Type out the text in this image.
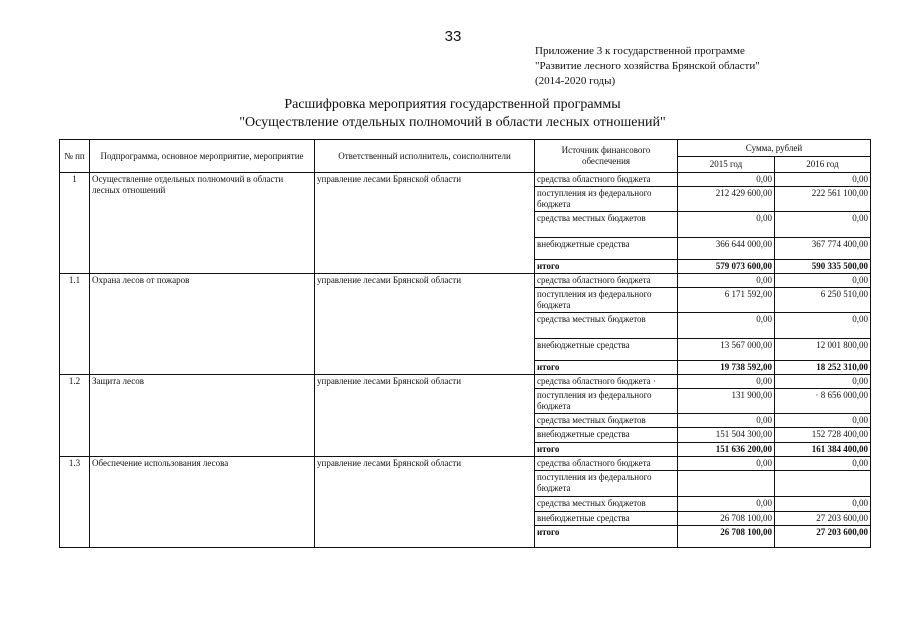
33
Приложение 3 к государственной программе
"Развитие лесного хозяйства Брянской области"
(2014-2020 годы)
Расшифровка мероприятия государственной программы
"Осуществление отдельных полномочий в области лесных отношений"
№ пп	Подпрограмма, основное мероприятие, мероприятие	Ответственный исполнитель, соисполнители	Источник финансового обеспечения	Сумма, рублей	
				2015 год	2016 год
1	Осуществление отдельных полномочий в области лесных отношений	управление лесами Брянской области	средства областного бюджета	0,00	0,00
			поступления из федерального бюджета	212 429 600,00	222 561 100,00
			средства местных бюджетов	0,00	0,00
			внебюджетные средства	366 644 000,00	367 774 400,00
			итого	579 073 600,00	590 335 500,00
1.1	Охрана лесов от пожаров	управление лесами Брянской области	средства областного бюджета	0,00	0,00
			поступления из федерального бюджета	6 171 592,00	6 250 510,00
			средства местных бюджетов	0,00	0,00
			внебюджетные средства	13 567 000,00	12 001 800,00
			итого	19 738 592,00	18 252 310,00
1.2	Защита лесов	управление лесами Брянской области	средства областного бюджета ·	0,00	0,00
			поступления из федерального бюджета	131 900,00	· 8 656 000,00
			средства местных бюджетов	0,00	0,00
			внебюджетные средства	151 504 300,00	152 728 400,00
			итого	151 636 200,00	161 384 400,00
1.3	Обеспечение использования лесова	управление лесами Брянской области	средства областного бюджета	0,00	0,00
			поступления из федерального бюджета		
			средства местных бюджетов	0,00	0,00
			внебюджетные средства	26 708 100,00	27 203 600,00
			итого	26 708 100,00	27 203 600,00
